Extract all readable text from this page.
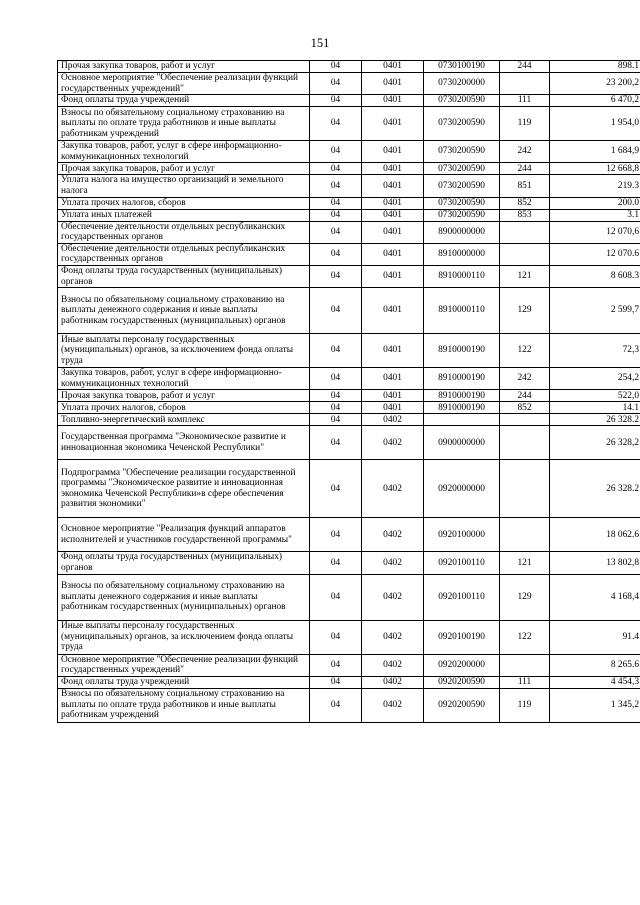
151
Прочая закупка товаров, работ и услуг	04	0401	0730100190	244	898.1
Основное мероприятие "Обеспечение реализации функций государственных учреждений"	04	0401	0730200000		23 200,2
Фонд оплаты труда учреждений	04	0401	0730200590	111	6 470,2
Взносы по обязательному социальному страхованию на выплаты по оплате труда работников и иные выплаты работникам учреждений	04	0401	0730200590	119	1 954,0
Закупка товаров, работ, услуг в сфере информационно-коммуникационных технологий	04	0401	0730200590	242	1 684,9
Прочая закупка товаров, работ и услуг	04	0401	0730200590	244	12 668,8
Уплата налога на имущество организаций и земельного налога	04	0401	0730200590	851	219.3
Уплата прочих налогов, сборов	04	0401	0730200590	852	200.0
Уплата иных платежей	04	0401	0730200590	853	3.1
Обеспечение деятельности отдельных республиканских государственных органов	04	0401	8900000000		12 070,6
Обеспечение деятельности отдельных республиканских государственных органов	04	0401	8910000000		12 070.6
Фонд оплаты труда государственных (муниципальных) органов	04	0401	8910000110	121	8 608.3
Взносы по обязательному социальному страхованию на выплаты денежного содержания и иные выплаты работникам государственных (муниципальных) органов	04	0401	8910000110	129	2 599,7
Иные выплаты персоналу государственных (муниципальных) органов, за исключением фонда оплаты труда	04	0401	8910000190	122	72,3
Закупка товаров, работ, услуг в сфере информационно-коммуникационных технологий	04	0401	8910000190	242	254,2
Прочая закупка товаров, работ и услуг	04	0401	8910000190	244	522,0
Уплата прочих налогов, сборов	04	0401	8910000190	852	14.1
Топливно-энергетический комплекс	04	0402			26 328.2
Государственная программа "Экономическое развитие и инновационная экономика Чеченской Республики"	04	0402	0900000000		26 328,2
Подпрограмма "Обеспечение реализации государственной программы "Экономическое развитие и инновационная экономика Чеченской Республики»в сфере обеспечения развития экономики"	04	0402	0920000000		26 328.2
Основное мероприятие "Реализация функций аппаратов исполнителей и участников государственной программы"	04	0402	0920100000		18 062.6
Фонд оплаты труда государственных (муниципальных) органов	04	0402	0920100110	121	13 802,8
Взносы по обязательному социальному страхованию на выплаты денежного содержания и иные выплаты работникам государственных (муниципальных) органов	04	0402	0920100110	129	4 168,4
Иные выплаты персоналу государственных (муниципальных) органов, за исключением фонда оплаты труда	04	0402	0920100190	122	91.4
Основное мероприятие "Обеспечение реализации функций государственных учреждений"	04	0402	0920200000		8 265.6
Фонд оплаты труда учреждений	04	0402	0920200590	111	4 454,3
Взносы по обязательному социальному страхованию на выплаты по оплате труда работников и иные выплаты работникам учреждений	04	0402	0920200590	119	1 345,2
